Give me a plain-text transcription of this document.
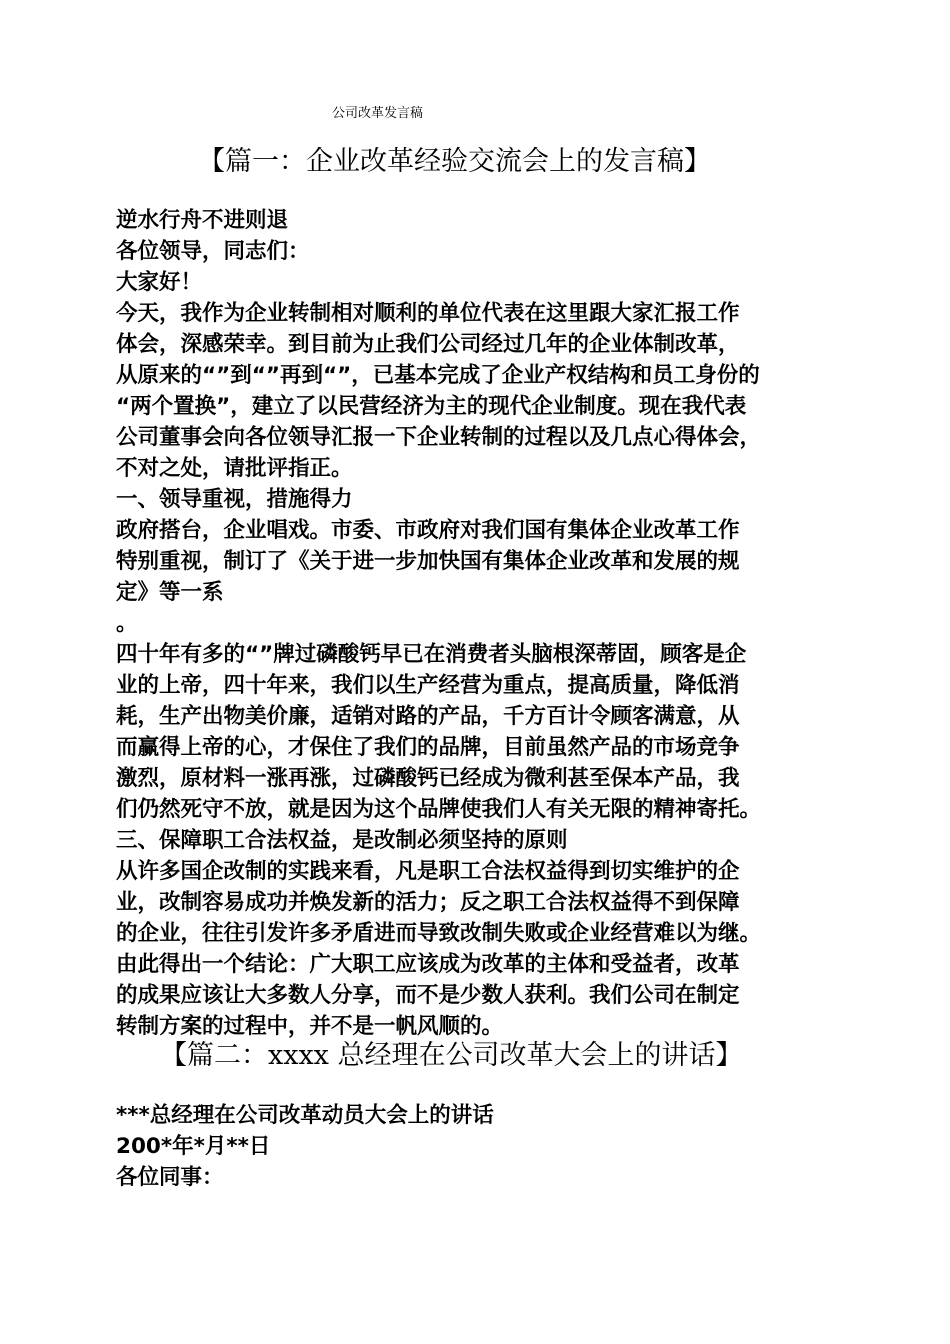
公司改革发言稿
【篇一：企业改革经验交流会上的发言稿】

逆水行舟不进则退

各位领导，同志们：

大家好！

今天，我作为企业转制相对顺利的单位代表在这里跟大家汇报工作

体会，深感荣幸。到目前为止我们公司经过几年的企业体制改革，

从原来的“”到“”再到“”，已基本完成了企业产权结构和员工身份的

“两个置换”，建立了以民营经济为主的现代企业制度。现在我代表

公司董事会向各位领导汇报一下企业转制的过程以及几点心得体会，

不对之处，请批评指正。

一、领导重视，措施得力

政府搭台，企业唱戏。市委、市政府对我们国有集体企业改革工作

特别重视，制订了《关于进一步加快国有集体企业改革和发展的规

定》等一系

。

四十年有多的“”牌过磷酸钙早已在消费者头脑根深蒂固，顾客是企

业的上帝，四十年来，我们以生产经营为重点，提高质量，降低消

耗，生产出物美价廉，适销对路的产品，千方百计令顾客满意，从

而赢得上帝的心，才保住了我们的品牌，目前虽然产品的市场竞争

激烈，原材料一涨再涨，过磷酸钙已经成为微利甚至保本产品，我

们仍然死守不放，就是因为这个品牌使我们人有关无限的精神寄托。

三、保障职工合法权益，是改制必须坚持的原则

从许多国企改制的实践来看，凡是职工合法权益得到切实维护的企

业，改制容易成功并焕发新的活力；反之职工合法权益得不到保障

的企业，往往引发许多矛盾进而导致改制失败或企业经营难以为继。

由此得出一个结论：广大职工应该成为改革的主体和受益者，改革

的成果应该让大多数人分享，而不是少数人获利。我们公司在制定

转制方案的过程中，并不是一帆风顺的。

【篇二：xxxx 总经理在公司改革大会上的讲话】

***总经理在公司改革动员大会上的讲话

200*年*月**日

各位同事：
